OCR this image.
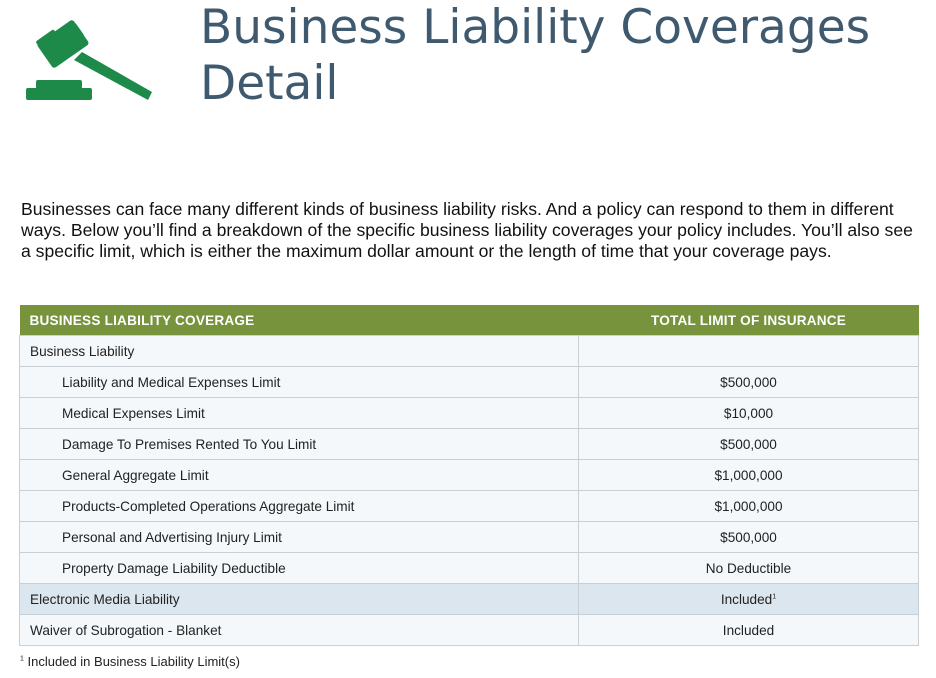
Business Liability Coverages
Detail

Businesses can face many different kinds of business liability risks. And a policy can respond to them in different ways. Below you’ll find a breakdown of the specific business liability coverages your policy includes. You’ll also see a specific limit, which is either the maximum dollar amount or the length of time that your coverage pays.

BUSINESS LIABILITY COVERAGE	TOTAL LIMIT OF INSURANCE
Business Liability	
Liability and Medical Expenses Limit	$500,000
Medical Expenses Limit	$10,000
Damage To Premises Rented To You Limit	$500,000
General Aggregate Limit	$1,000,000
Products-Completed Operations Aggregate Limit	$1,000,000
Personal and Advertising Injury Limit	$500,000
Property Damage Liability Deductible	No Deductible
Electronic Media Liability	Included$^1$
Waiver of Subrogation - Blanket	Included

$^1$ Included in Business Liability Limit(s)
